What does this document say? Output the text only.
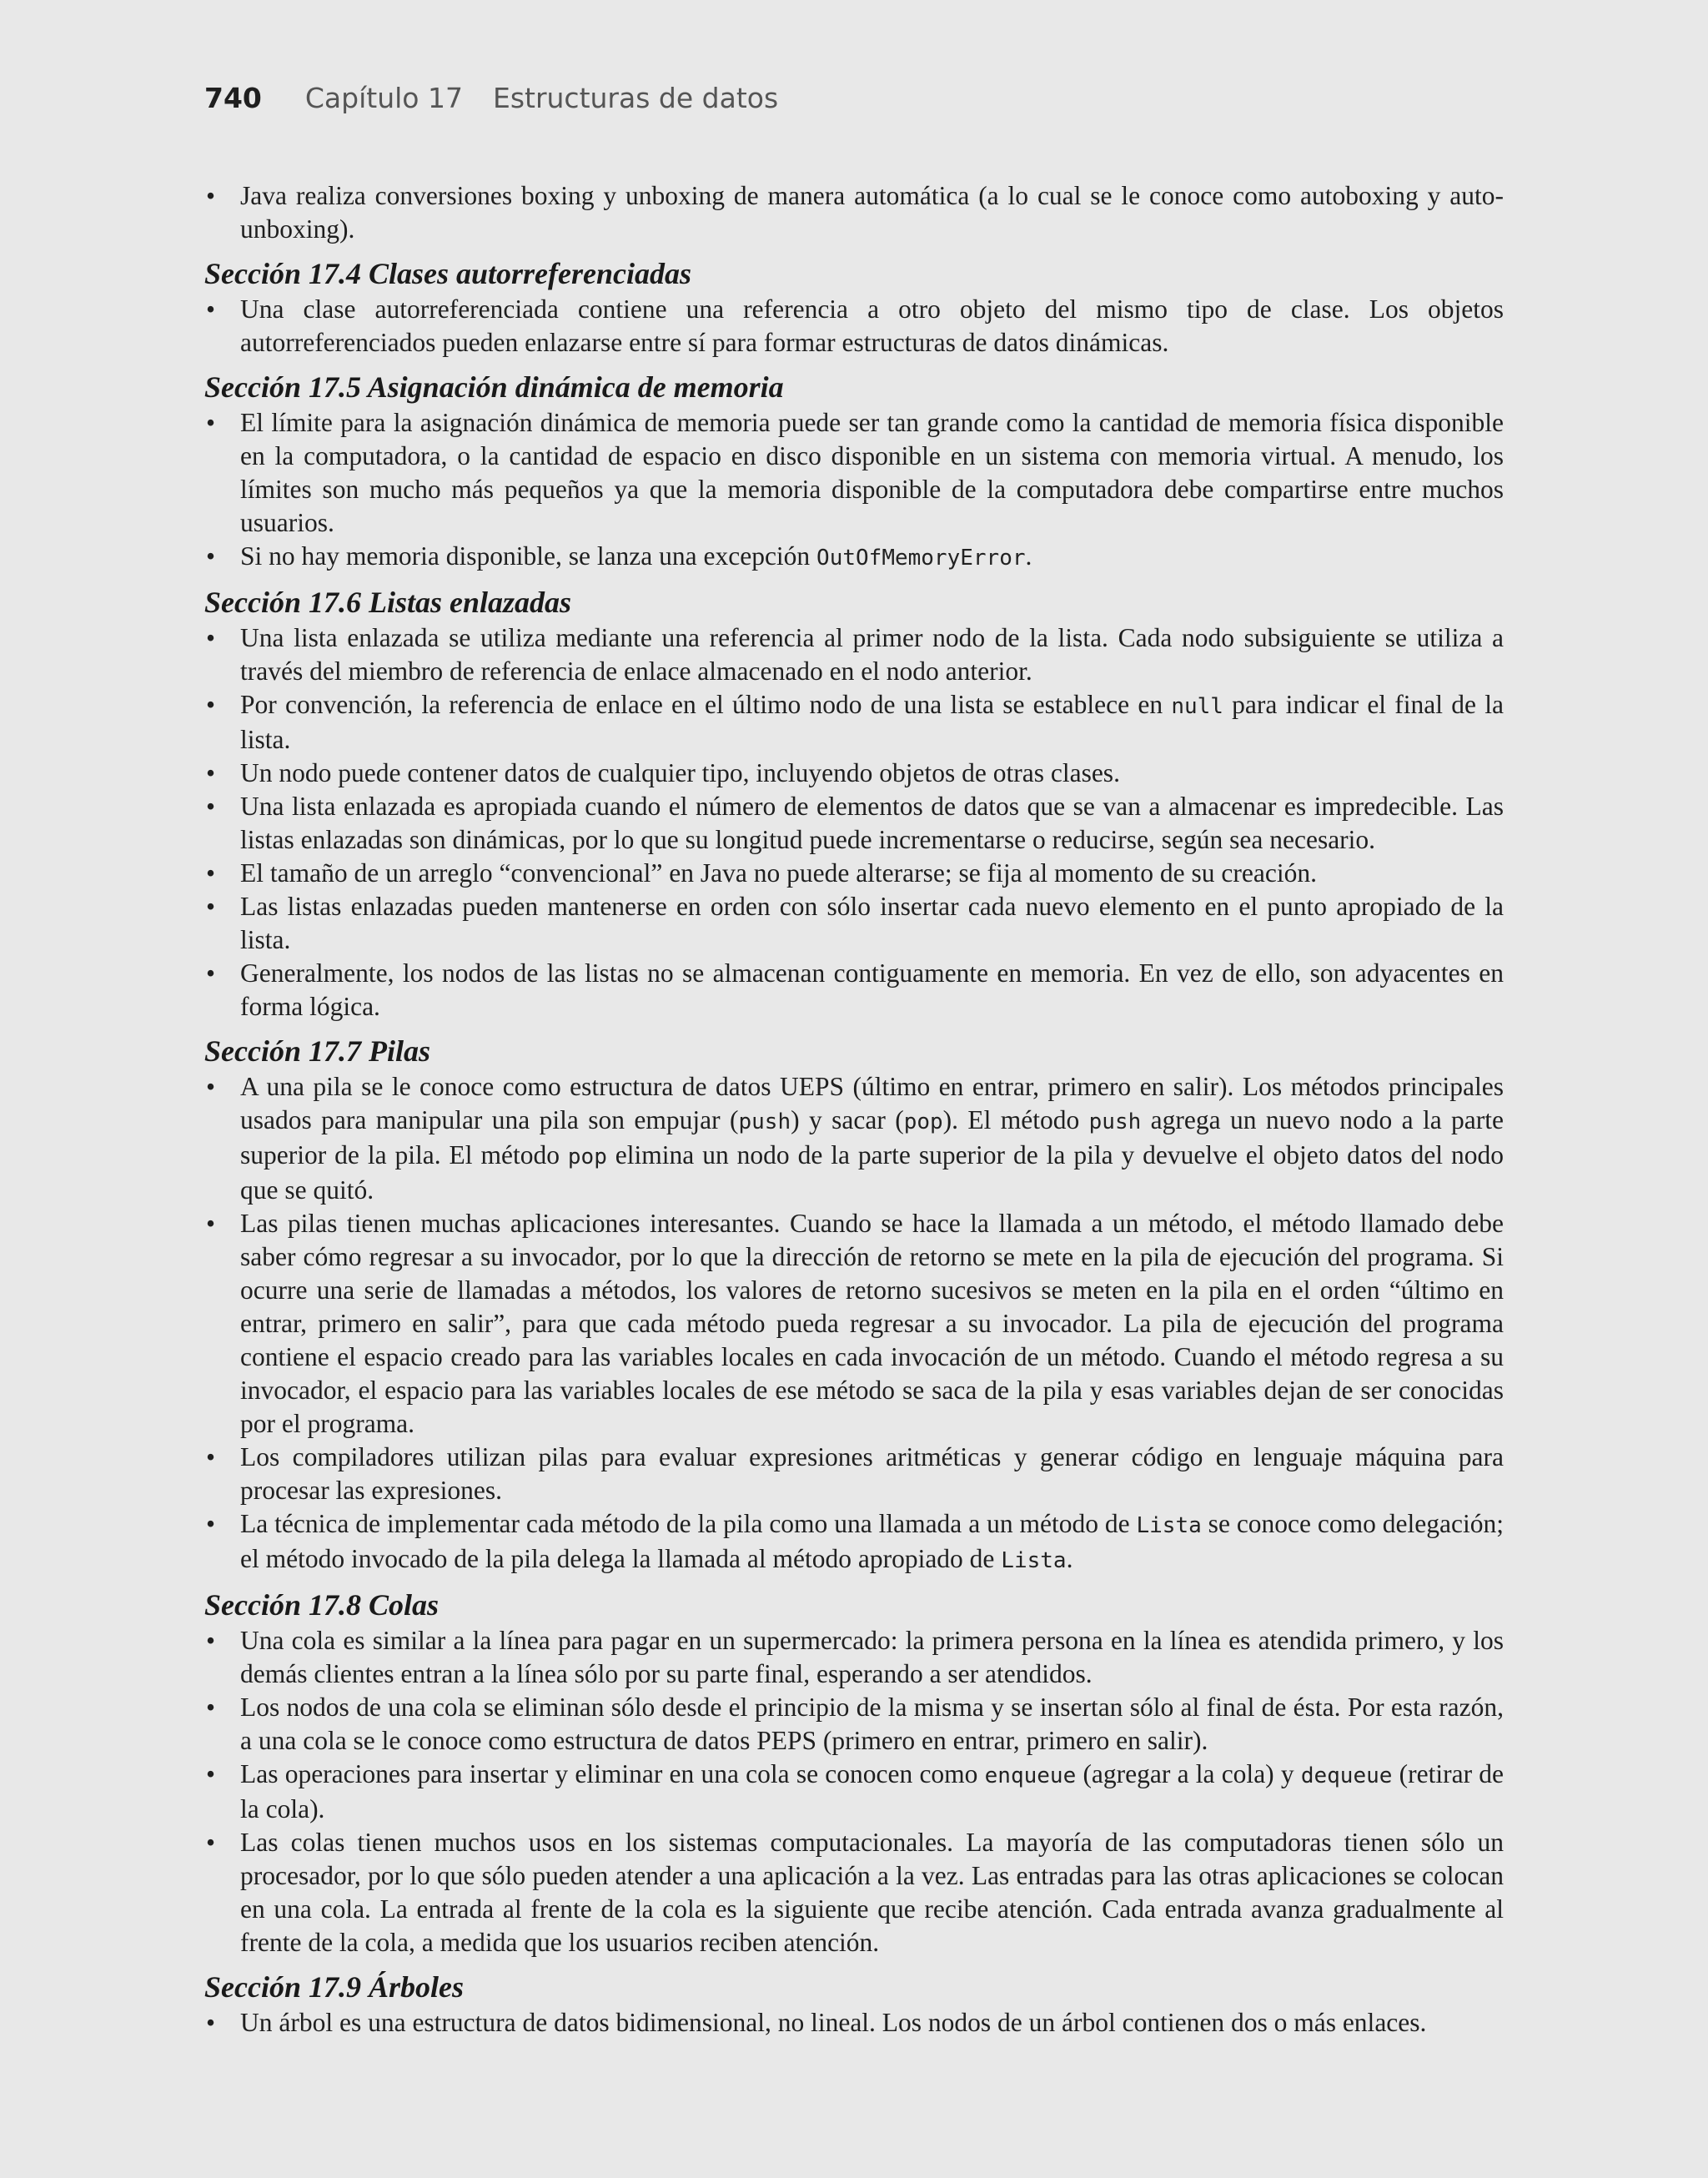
740 Capítulo 17 Estructuras de datos
• Java realiza conversiones boxing y unboxing de manera automática (a lo cual se le conoce como autoboxing y auto-unboxing).
Sección 17.4 Clases autorreferenciadas
• Una clase autorreferenciada contiene una referencia a otro objeto del mismo tipo de clase. Los objetos autorreferenciados pueden enlazarse entre sí para formar estructuras de datos dinámicas.
Sección 17.5 Asignación dinámica de memoria
• El límite para la asignación dinámica de memoria puede ser tan grande como la cantidad de memoria física disponible en la computadora, o la cantidad de espacio en disco disponible en un sistema con memoria virtual. A menudo, los límites son mucho más pequeños ya que la memoria disponible de la computadora debe compartirse entre muchos usuarios.
• Si no hay memoria disponible, se lanza una excepción OutOfMemoryError.
Sección 17.6 Listas enlazadas
• Una lista enlazada se utiliza mediante una referencia al primer nodo de la lista. Cada nodo subsiguiente se utiliza a través del miembro de referencia de enlace almacenado en el nodo anterior.
• Por convención, la referencia de enlace en el último nodo de una lista se establece en null para indicar el final de la lista.
• Un nodo puede contener datos de cualquier tipo, incluyendo objetos de otras clases.
• Una lista enlazada es apropiada cuando el número de elementos de datos que se van a almacenar es impredecible. Las listas enlazadas son dinámicas, por lo que su longitud puede incrementarse o reducirse, según sea necesario.
• El tamaño de un arreglo “convencional” en Java no puede alterarse; se fija al momento de su creación.
• Las listas enlazadas pueden mantenerse en orden con sólo insertar cada nuevo elemento en el punto apropiado de la lista.
• Generalmente, los nodos de las listas no se almacenan contiguamente en memoria. En vez de ello, son adyacentes en forma lógica.
Sección 17.7 Pilas
• A una pila se le conoce como estructura de datos UEPS (último en entrar, primero en salir). Los métodos principales usados para manipular una pila son empujar (push) y sacar (pop). El método push agrega un nuevo nodo a la parte superior de la pila. El método pop elimina un nodo de la parte superior de la pila y devuelve el objeto datos del nodo que se quitó.
• Las pilas tienen muchas aplicaciones interesantes. Cuando se hace la llamada a un método, el método llamado debe saber cómo regresar a su invocador, por lo que la dirección de retorno se mete en la pila de ejecución del programa. Si ocurre una serie de llamadas a métodos, los valores de retorno sucesivos se meten en la pila en el orden “último en entrar, primero en salir”, para que cada método pueda regresar a su invocador. La pila de ejecución del programa contiene el espacio creado para las variables locales en cada invocación de un método. Cuando el método regresa a su invocador, el espacio para las variables locales de ese método se saca de la pila y esas variables dejan de ser conocidas por el programa.
• Los compiladores utilizan pilas para evaluar expresiones aritméticas y generar código en lenguaje máquina para procesar las expresiones.
• La técnica de implementar cada método de la pila como una llamada a un método de Lista se conoce como delegación; el método invocado de la pila delega la llamada al método apropiado de Lista.
Sección 17.8 Colas
• Una cola es similar a la línea para pagar en un supermercado: la primera persona en la línea es atendida primero, y los demás clientes entran a la línea sólo por su parte final, esperando a ser atendidos.
• Los nodos de una cola se eliminan sólo desde el principio de la misma y se insertan sólo al final de ésta. Por esta razón, a una cola se le conoce como estructura de datos PEPS (primero en entrar, primero en salir).
• Las operaciones para insertar y eliminar en una cola se conocen como enqueue (agregar a la cola) y dequeue (retirar de la cola).
• Las colas tienen muchos usos en los sistemas computacionales. La mayoría de las computadoras tienen sólo un procesador, por lo que sólo pueden atender a una aplicación a la vez. Las entradas para las otras aplicaciones se colocan en una cola. La entrada al frente de la cola es la siguiente que recibe atención. Cada entrada avanza gradualmente al frente de la cola, a medida que los usuarios reciben atención.
Sección 17.9 Árboles
• Un árbol es una estructura de datos bidimensional, no lineal. Los nodos de un árbol contienen dos o más enlaces.
